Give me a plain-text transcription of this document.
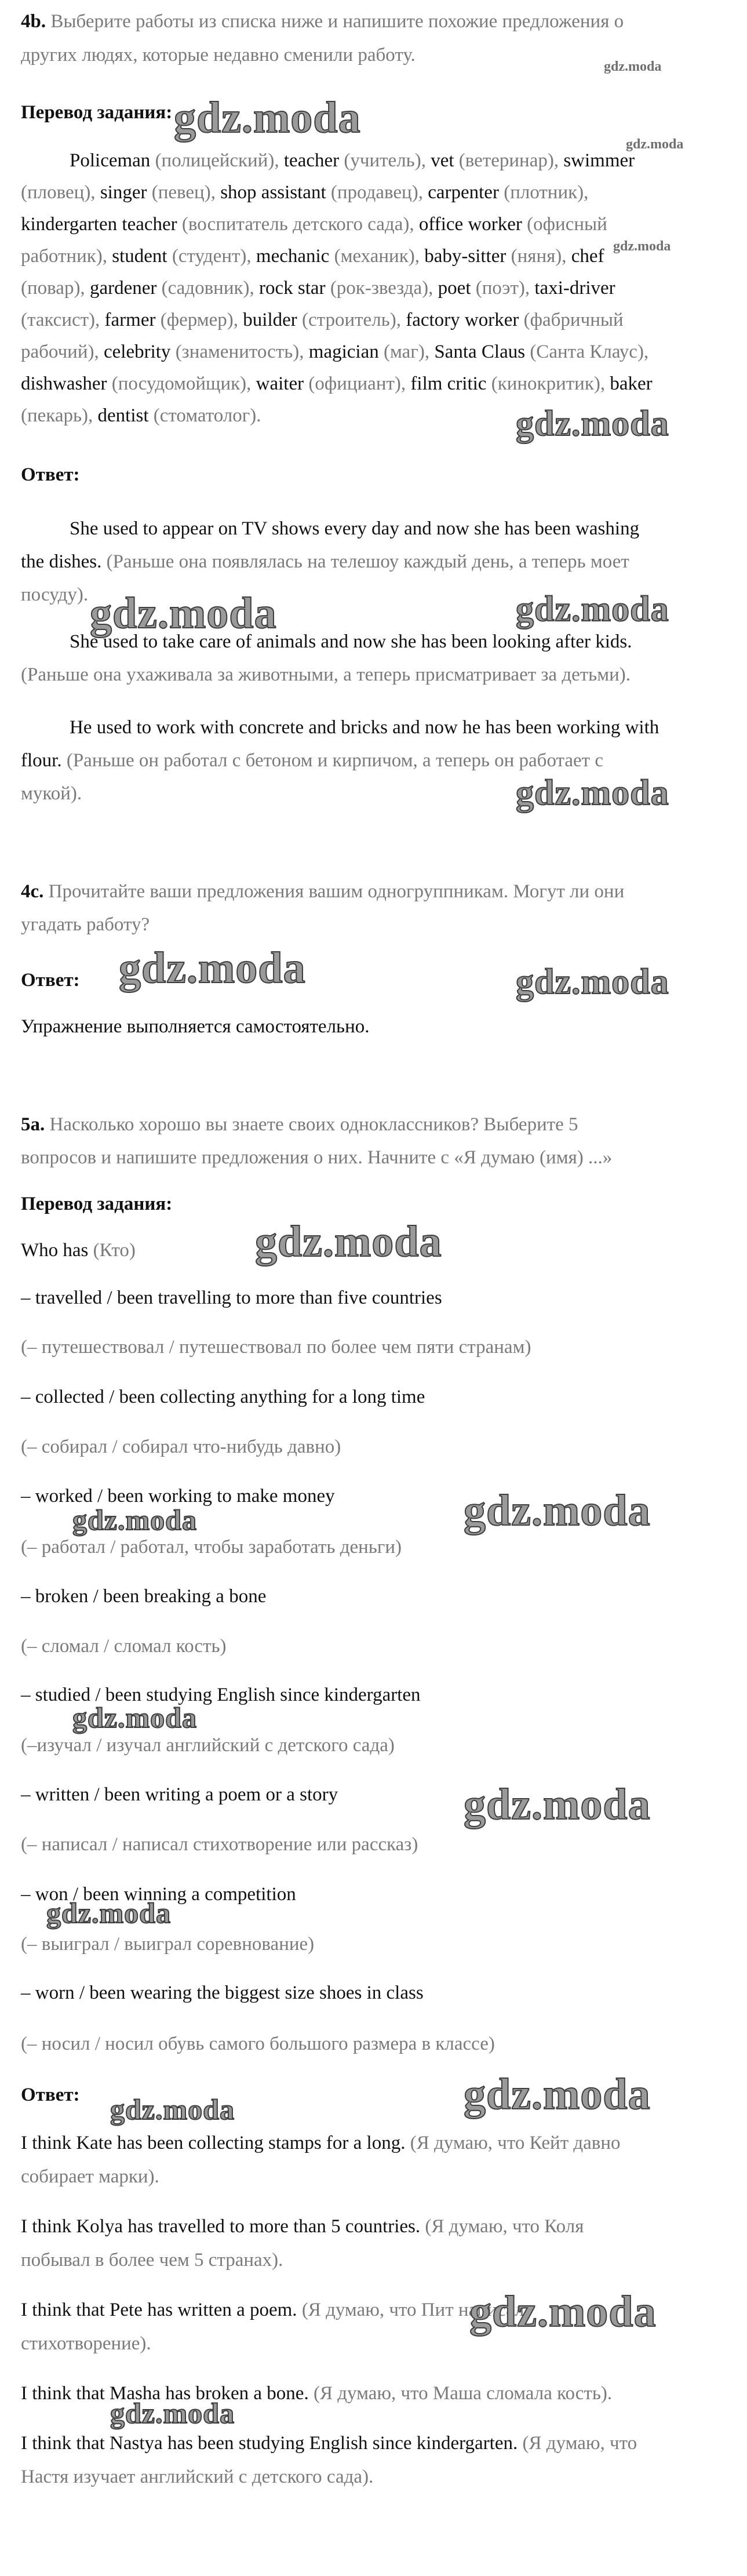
4b. Выберите работы из списка ниже и напишите похожие предложения о
других людях, которые недавно сменили работу.
Перевод задания:
Policeman (полицейский), teacher (учитель), vet (ветеринар), swimmer
(пловец), singer (певец), shop assistant (продавец), carpenter (плотник),
kindergarten teacher (воспитатель детского сада), office worker (офисный
работник), student (студент), mechanic (механик), baby-sitter (няня), chef
(повар), gardener (садовник), rock star (рок-звезда), poet (поэт), taxi-driver
(таксист), farmer (фермер), builder (строитель), factory worker (фабричный
рабочий), celebrity (знаменитость), magician (маг), Santa Claus (Санта Клаус),
dishwasher (посудомойщик), waiter (официант), film critic (кинокритик), baker
(пекарь), dentist (стоматолог).
Ответ:
She used to appear on TV shows every day and now she has been washing
the dishes. (Раньше она появлялась на телешоу каждый день, а теперь моет
посуду).
She used to take care of animals and now she has been looking after kids.
(Раньше она ухаживала за животными, а теперь присматривает за детьми).
He used to work with concrete and bricks and now he has been working with
flour. (Раньше он работал с бетоном и кирпичом, а теперь он работает с
мукой).
4c. Прочитайте ваши предложения вашим одногруппникам. Могут ли они
угадать работу?
Ответ:
Упражнение выполняется самостоятельно.
5a. Насколько хорошо вы знаете своих одноклассников? Выберите 5
вопросов и напишите предложения о них. Начните с «Я думаю (имя) ...»
Перевод задания:
Who has (Кто)
– travelled / been travelling to more than five countries
(– путешествовал / путешествовал по более чем пяти странам)
– collected / been collecting anything for a long time
(– собирал / собирал что-нибудь давно)
– worked / been working to make money
(– работал / работал, чтобы заработать деньги)
– broken / been breaking a bone
(– сломал / сломал кость)
– studied / been studying English since kindergarten
(–изучал / изучал английский с детского сада)
– written / been writing a poem or a story
(– написал / написал стихотворение или рассказ)
– won / been winning a competition
(– выиграл / выиграл соревнование)
– worn / been wearing the biggest size shoes in class
(– носил / носил обувь самого большого размера в классе)
Ответ:
I think Kate has been collecting stamps for a long. (Я думаю, что Кейт давно
собирает марки).
I think Kolya has travelled to more than 5 countries. (Я думаю, что Коля
побывал в более чем 5 странах).
I think that Pete has written a poem. (Я думаю, что Пит написал
стихотворение).
I think that Masha has broken a bone. (Я думаю, что Маша сломала кость).
I think that Nastya has been studying English since kindergarten. (Я думаю, что
Настя изучает английский с детского сада).
gdz.moda
gdz.moda
gdz.moda
gdz.moda
gdz.moda
gdz.moda	gdz.moda
gdz.moda
gdz.moda	gdz.moda
gdz.moda
gdz.moda	gdz.moda
gdz.moda
gdz.moda
gdz.moda
gdz.moda
gdz.moda
gdz.moda
gdz.moda
